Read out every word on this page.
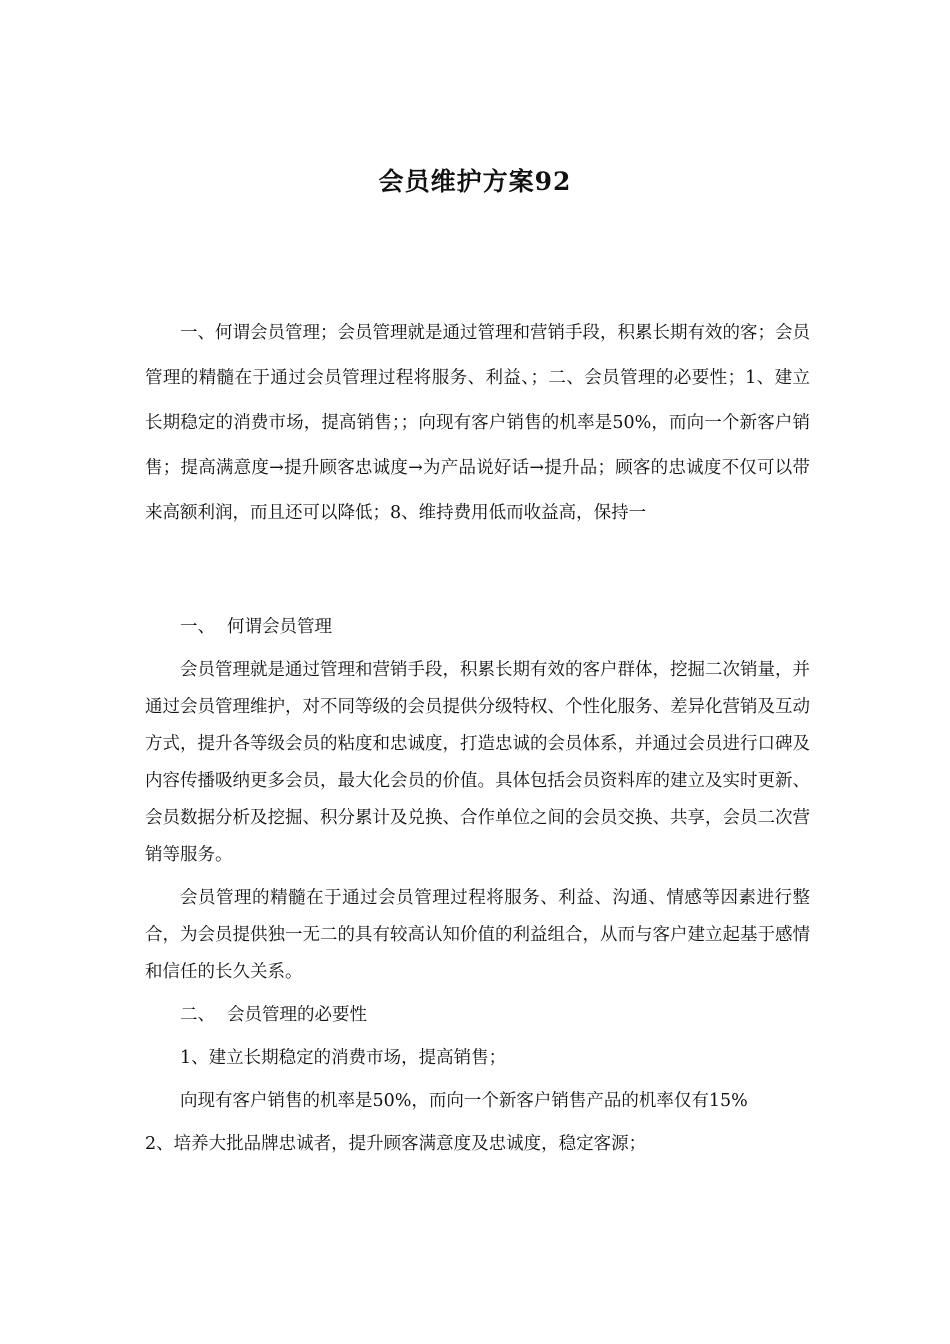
会员维护方案92

一、何谓会员管理；会员管理就是通过管理和营销手段，积累长期有效的客；会员管理的精髓在于通过会员管理过程将服务、利益、；二、会员管理的必要性；1、建立长期稳定的消费市场，提高销售；；向现有客户销售的机率是50%，而向一个新客户销售；提高满意度→提升顾客忠诚度→为产品说好话→提升品；顾客的忠诚度不仅可以带来高额利润，而且还可以降低；8、维持费用低而收益高，保持一

一、 何谓会员管理

会员管理就是通过管理和营销手段，积累长期有效的客户群体，挖掘二次销量，并通过会员管理维护，对不同等级的会员提供分级特权、个性化服务、差异化营销及互动方式，提升各等级会员的粘度和忠诚度，打造忠诚的会员体系，并通过会员进行口碑及内容传播吸纳更多会员，最大化会员的价值。具体包括会员资料库的建立及实时更新、会员数据分析及挖掘、积分累计及兑换、合作单位之间的会员交换、共享，会员二次营销等服务。

会员管理的精髓在于通过会员管理过程将服务、利益、沟通、情感等因素进行整合，为会员提供独一无二的具有较高认知价值的利益组合，从而与客户建立起基于感情和信任的长久关系。

二、 会员管理的必要性

1、建立长期稳定的消费市场，提高销售；

向现有客户销售的机率是50%，而向一个新客户销售产品的机率仅有15%

2、培养大批品牌忠诚者，提升顾客满意度及忠诚度，稳定客源；
